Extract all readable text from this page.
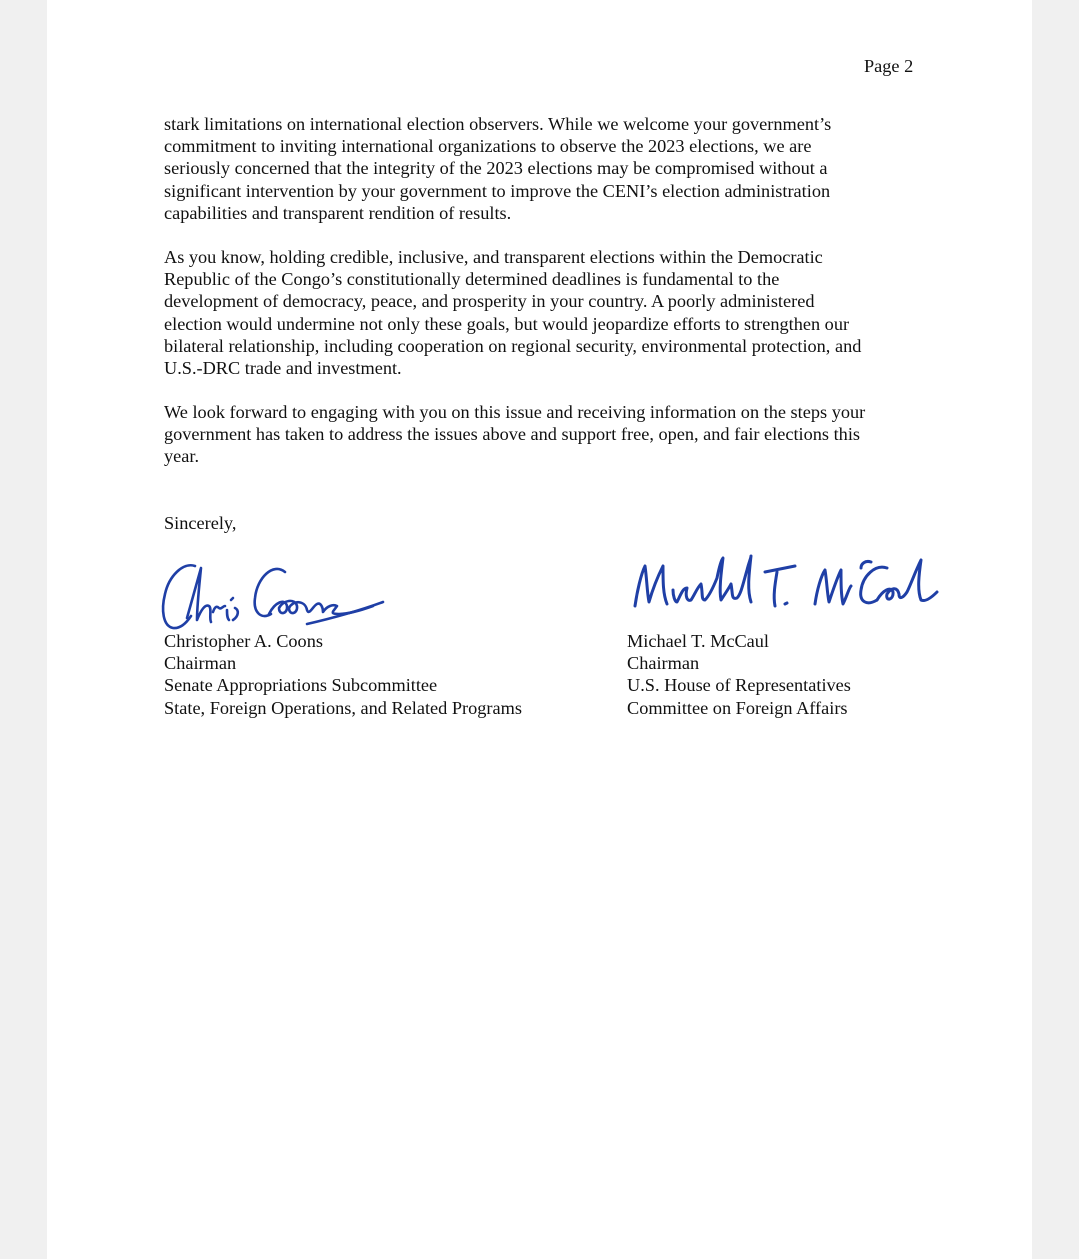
Page 2

stark limitations on international election observers. While we welcome your government’s
commitment to inviting international organizations to observe the 2023 elections, we are
seriously concerned that the integrity of the 2023 elections may be compromised without a
significant intervention by your government to improve the CENI’s election administration
capabilities and transparent rendition of results.

As you know, holding credible, inclusive, and transparent elections within the Democratic
Republic of the Congo’s constitutionally determined deadlines is fundamental to the
development of democracy, peace, and prosperity in your country. A poorly administered
election would undermine not only these goals, but would jeopardize efforts to strengthen our
bilateral relationship, including cooperation on regional security, environmental protection, and
U.S.-DRC trade and investment.

We look forward to engaging with you on this issue and receiving information on the steps your
government has taken to address the issues above and support free, open, and fair elections this
year.

Sincerely,
Christopher A. Coons
Chairman
Senate Appropriations Subcommittee
State, Foreign Operations, and Related Programs
Michael T. McCaul
Chairman
U.S. House of Representatives
Committee on Foreign Affairs
